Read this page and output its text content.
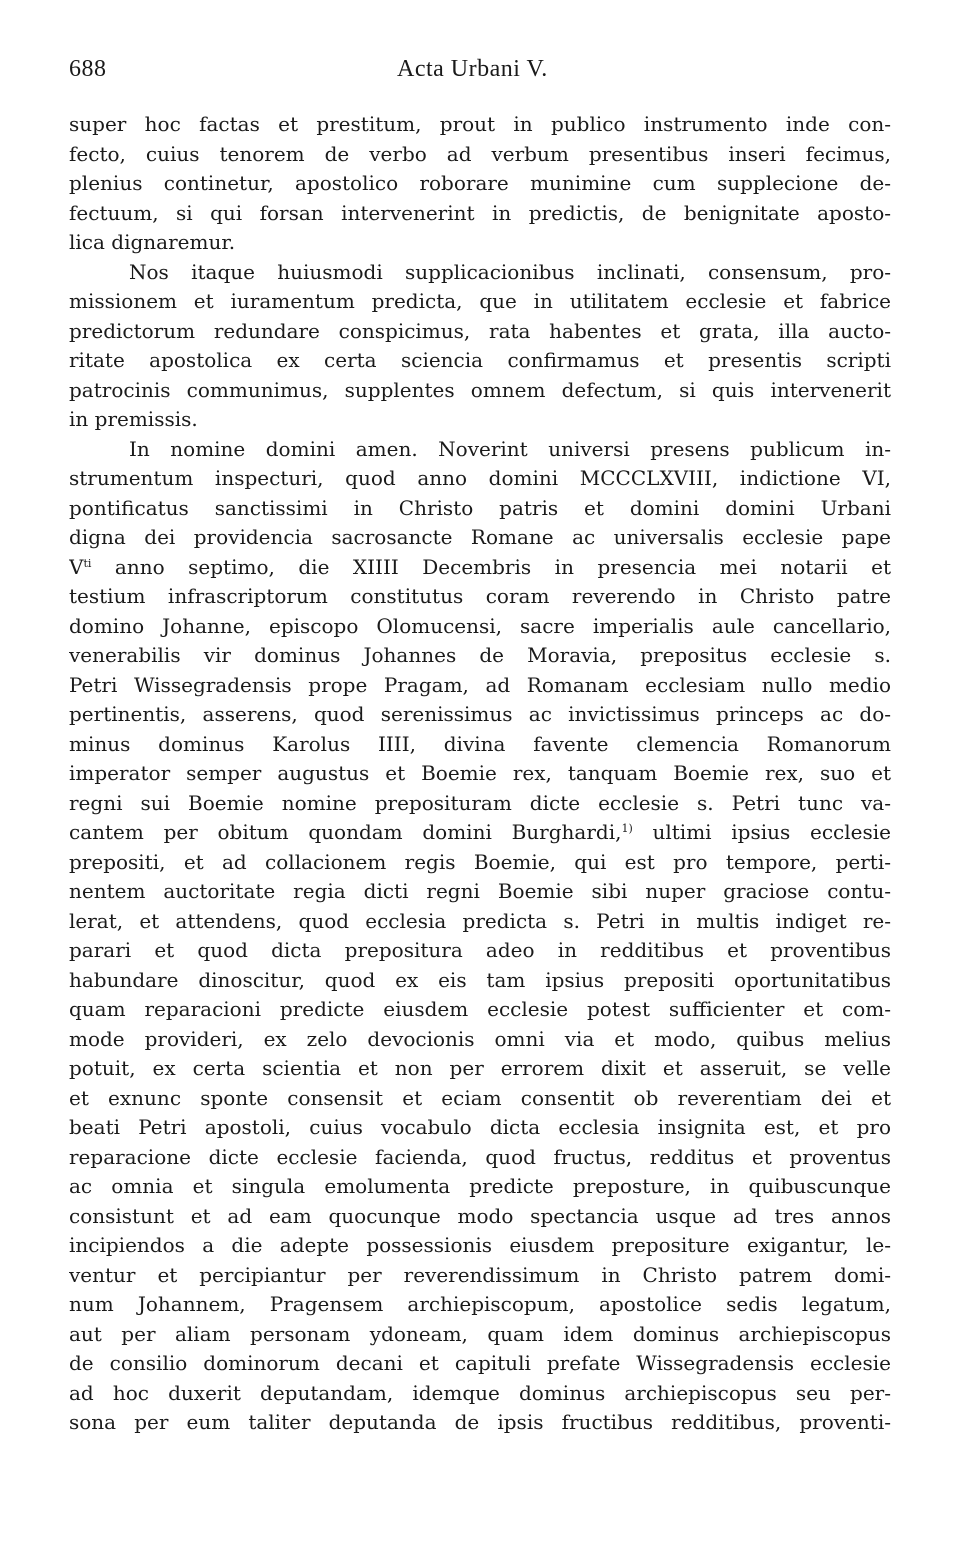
688	Acta Urbani V.
super hoc factas et prestitum, prout in publico instrumento inde con-
fecto, cuius tenorem de verbo ad verbum presentibus inseri fecimus,
plenius continetur, apostolico roborare munimine cum supplecione de-
fectuum, si qui forsan intervenerint in predictis, de benignitate aposto-
lica dignaremur.
Nos itaque huiusmodi supplicacionibus inclinati, consensum, pro-
missionem et iuramentum predicta, que in utilitatem ecclesie et fabrice
predictorum redundare conspicimus, rata habentes et grata, illa aucto-
ritate apostolica ex certa sciencia confirmamus et presentis scripti
patrocinis communimus, supplentes omnem defectum, si quis intervenerit
in premissis.
In nomine domini amen. Noverint universi presens publicum in-
strumentum inspecturi, quod anno domini MCCCLXVIII, indictione VI,
pontificatus sanctissimi in Christo patris et domini domini Urbani
digna dei providencia sacrosancte Romane ac universalis ecclesie pape
$V^{ti}$ anno septimo, die XIIII Decembris in presencia mei notarii et
testium infrascriptorum constitutus coram reverendo in Christo patre
domino Johanne, episcopo Olomucensi, sacre imperialis aule cancellario,
venerabilis vir dominus Johannes de Moravia, prepositus ecclesie s.
Petri Wissegradensis prope Pragam, ad Romanam ecclesiam nullo medio
pertinentis, asserens, quod serenissimus ac invictissimus princeps ac do-
minus dominus Karolus IIII, divina favente clemencia Romanorum
imperator semper augustus et Boemie rex, tanquam Boemie rex, suo et
regni sui Boemie nomine preposituram dicte ecclesie s. Petri tunc va-
cantem per obitum quondam domini Burghardi,$^{1)}$ ultimi ipsius ecclesie
prepositi, et ad collacionem regis Boemie, qui est pro tempore, perti-
nentem auctoritate regia dicti regni Boemie sibi nuper graciose contu-
lerat, et attendens, quod ecclesia predicta s. Petri in multis indiget re-
parari et quod dicta prepositura adeo in redditibus et proventibus
habundare dinoscitur, quod ex eis tam ipsius prepositi oportunitatibus
quam reparacioni predicte eiusdem ecclesie potest sufficienter et com-
mode provideri, ex zelo devocionis omni via et modo, quibus melius
potuit, ex certa scientia et non per errorem dixit et asseruit, se velle
et exnunc sponte consensit et eciam consentit ob reverentiam dei et
beati Petri apostoli, cuius vocabulo dicta ecclesia insignita est, et pro
reparacione dicte ecclesie facienda, quod fructus, redditus et proventus
ac omnia et singula emolumenta predicte preposture, in quibuscunque
consistunt et ad eam quocunque modo spectancia usque ad tres annos
incipiendos a die adepte possessionis eiusdem prepositure exigantur, le-
ventur et percipiantur per reverendissimum in Christo patrem domi-
num Johannem, Pragensem archiepiscopum, apostolice sedis legatum,
aut per aliam personam ydoneam, quam idem dominus archiepiscopus
de consilio dominorum decani et capituli prefate Wissegradensis ecclesie
ad hoc duxerit deputandam, idemque dominus archiepiscopus seu per-
sona per eum taliter deputanda de ipsis fructibus redditibus, proventi-
